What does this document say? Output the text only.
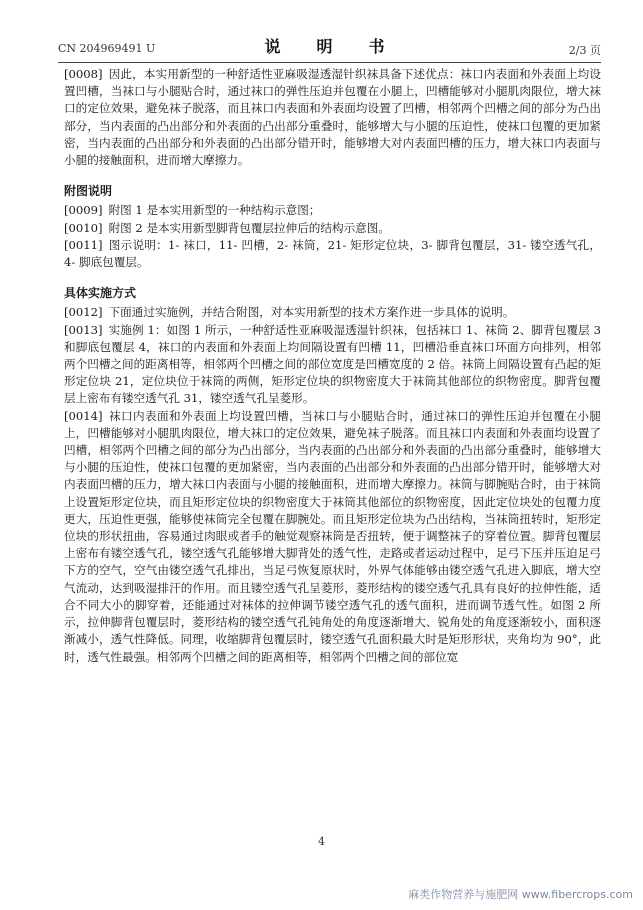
CN 204969491 U	说　明　书	2/3 页

[0008] 因此，本实用新型的一种舒适性亚麻吸湿透湿针织袜具备下述优点：袜口内表面和外表面上均设置凹槽，当袜口与小腿贴合时，通过袜口的弹性压迫并包覆在小腿上，凹槽能够对小腿肌肉限位，增大袜口的定位效果，避免袜子脱落，而且袜口内表面和外表面均设置了凹槽，相邻两个凹槽之间的部分为凸出部分，当内表面的凸出部分和外表面的凸出部分重叠时，能够增大与小腿的压迫性，使袜口包覆的更加紧密，当内表面的凸出部分和外表面的凸出部分错开时，能够增大对内表面凹槽的压力，增大袜口内表面与小腿的接触面积，进而增大摩擦力。

附图说明

[0009] 附图 1 是本实用新型的一种结构示意图；

[0010] 附图 2 是本实用新型脚背包覆层拉伸后的结构示意图。

[0011] 图示说明：1- 袜口，11- 凹槽，2- 袜筒，21- 矩形定位块，3- 脚背包覆层，31- 镂空透气孔，4- 脚底包覆层。

具体实施方式

[0012] 下面通过实施例，并结合附图，对本实用新型的技术方案作进一步具体的说明。

[0013] 实施例 1：如图 1 所示，一种舒适性亚麻吸湿透湿针织袜，包括袜口 1、袜筒 2、脚背包覆层 3 和脚底包覆层 4，袜口的内表面和外表面上均间隔设置有凹槽 11，凹槽沿垂直袜口环面方向排列，相邻两个凹槽之间的距离相等，相邻两个凹槽之间的部位宽度是凹槽宽度的 2 倍。袜筒上间隔设置有凸起的矩形定位块 21，定位块位于袜筒的两侧，矩形定位块的织物密度大于袜筒其他部位的织物密度。脚背包覆层上密布有镂空透气孔 31，镂空透气孔呈菱形。

[0014] 袜口内表面和外表面上均设置凹槽，当袜口与小腿贴合时，通过袜口的弹性压迫并包覆在小腿上，凹槽能够对小腿肌肉限位，增大袜口的定位效果，避免袜子脱落。而且袜口内表面和外表面均设置了凹槽，相邻两个凹槽之间的部分为凸出部分，当内表面的凸出部分和外表面的凸出部分重叠时，能够增大与小腿的压迫性，使袜口包覆的更加紧密，当内表面的凸出部分和外表面的凸出部分错开时，能够增大对内表面凹槽的压力，增大袜口内表面与小腿的接触面积，进而增大摩擦力。袜筒与脚腕贴合时，由于袜筒上设置矩形定位块，而且矩形定位块的织物密度大于袜筒其他部位的织物密度，因此定位块处的包覆力度更大，压迫性更强，能够使袜筒完全包覆在脚腕处。而且矩形定位块为凸出结构，当袜筒扭转时，矩形定位块的形状扭曲，容易通过肉眼或者手的触觉观察袜筒是否扭转，便于调整袜子的穿着位置。脚背包覆层上密布有镂空透气孔，镂空透气孔能够增大脚背处的透气性，走路或者运动过程中，足弓下压并压迫足弓下方的空气，空气由镂空透气孔排出，当足弓恢复原状时，外界气体能够由镂空透气孔进入脚底，增大空气流动，达到吸湿排汗的作用。而且镂空透气孔呈菱形，菱形结构的镂空透气孔具有良好的拉伸性能，适合不同大小的脚穿着，还能通过对袜体的拉伸调节镂空透气孔的透气面积，进而调节透气性。如图 2 所示，拉伸脚背包覆层时，菱形结构的镂空透气孔钝角处的角度逐渐增大、锐角处的角度逐渐较小，面积逐渐减小，透气性降低。同理，收缩脚背包覆层时，镂空透气孔面积最大时是矩形形状，夹角均为 90°，此时，透气性最强。相邻两个凹槽之间的距离相等，相邻两个凹槽之间的部位宽

4
麻类作物营养与施肥网 www.fibercrops.com
